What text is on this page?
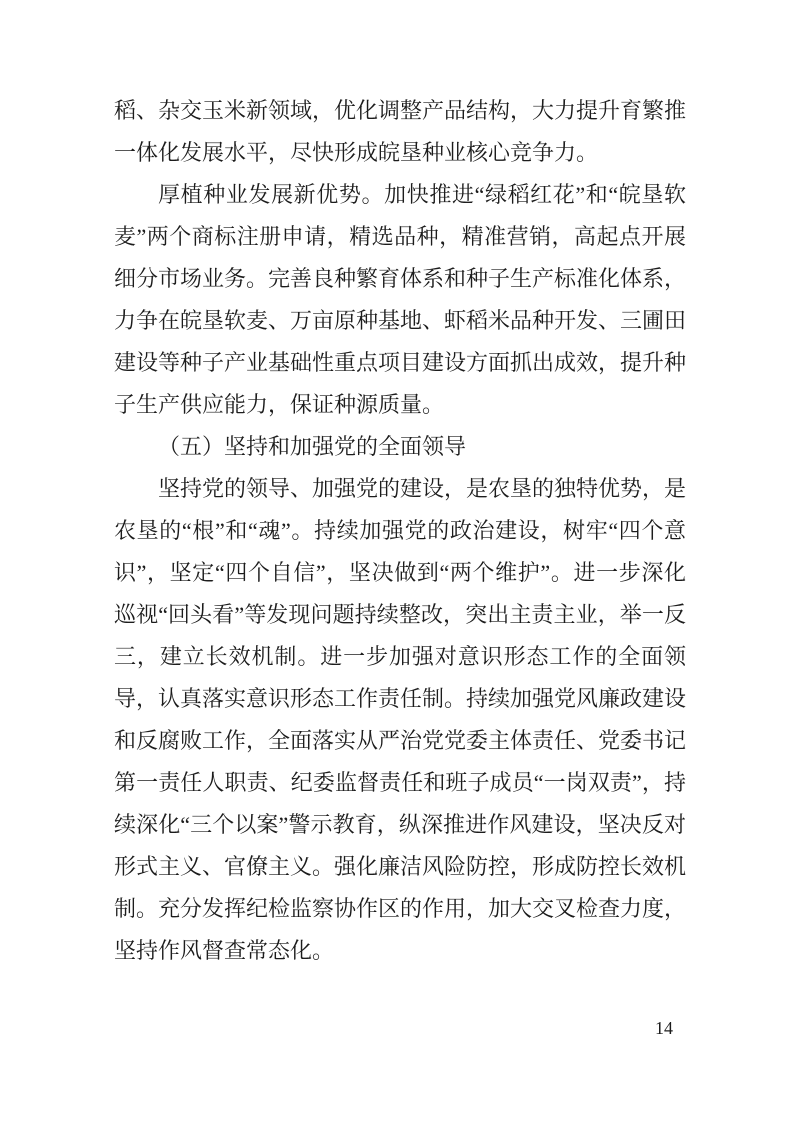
稻、杂交玉米新领域，优化调整产品结构，大力提升育繁推一体化发展水平，尽快形成皖垦种业核心竞争力。

厚植种业发展新优势。加快推进“绿稻红花”和“皖垦软麦”两个商标注册申请，精选品种，精准营销，高起点开展细分市场业务。完善良种繁育体系和种子生产标准化体系，力争在皖垦软麦、万亩原种基地、虾稻米品种开发、三圃田建设等种子产业基础性重点项目建设方面抓出成效，提升种子生产供应能力，保证种源质量。

（五）坚持和加强党的全面领导

坚持党的领导、加强党的建设，是农垦的独特优势，是农垦的“根”和“魂”。持续加强党的政治建设，树牢“四个意识”，坚定“四个自信”，坚决做到“两个维护”。进一步深化巡视“回头看”等发现问题持续整改，突出主责主业，举一反三，建立长效机制。进一步加强对意识形态工作的全面领导，认真落实意识形态工作责任制。持续加强党风廉政建设和反腐败工作，全面落实从严治党党委主体责任、党委书记第一责任人职责、纪委监督责任和班子成员“一岗双责”，持续深化“三个以案”警示教育，纵深推进作风建设，坚决反对形式主义、官僚主义。强化廉洁风险防控，形成防控长效机制。充分发挥纪检监察协作区的作用，加大交叉检查力度，坚持作风督查常态化。

14
